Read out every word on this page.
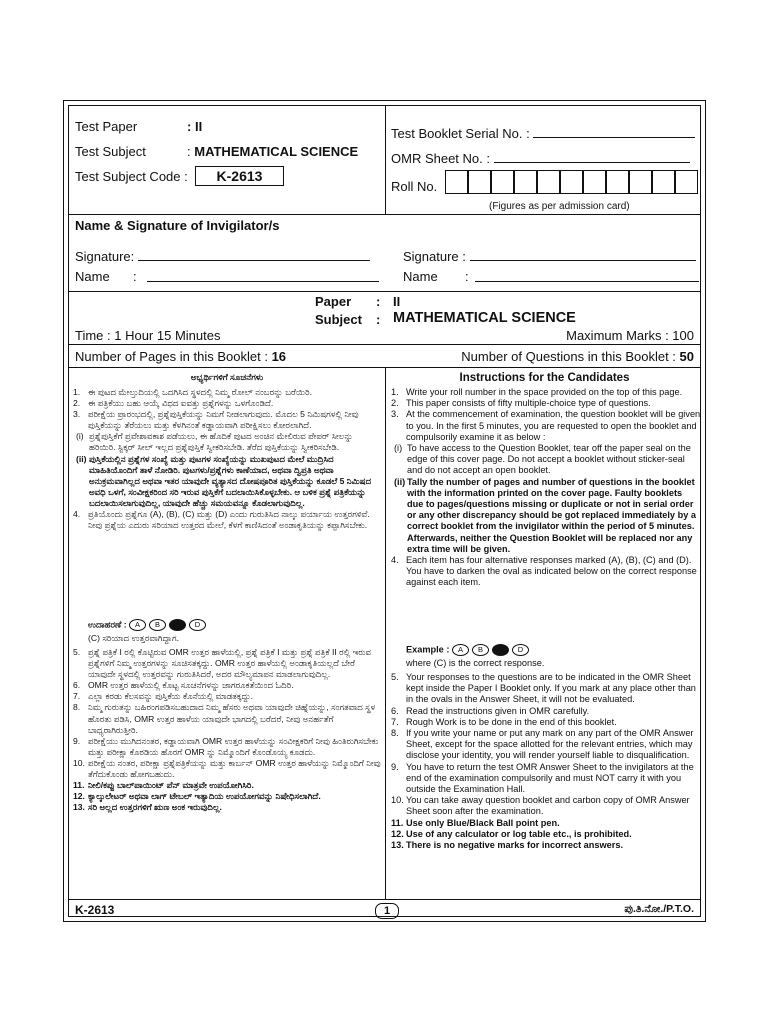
Test Paper	: II
Test Subject	: MATHEMATICAL SCIENCE
Test Subject Code :	K-2613
Test Booklet Serial No. :
OMR Sheet No. :
Roll No.
(Figures as per admission card)
Name & Signature of Invigilator/s
Signature:
Name :
Signature :
Name :
Paper : II
Subject : MATHEMATICAL SCIENCE
Time : 1 Hour 15 Minutes	Maximum Marks : 100
Number of Pages in this Booklet : 16	Number of Questions in this Booklet : 50
ಅಭ್ಯರ್ಥಿಗಳಿಗೆ ಸೂಚನೆಗಳು
1. ಈ ಪುಟದ ಮೇಲ್ತುದಿಯಲ್ಲಿ ಒದಗಿಸಿದ ಸ್ಥಳದಲ್ಲಿ ನಿಮ್ಮ ರೋಲ್ ನಂಬರನ್ನು ಬರೆಯಿರಿ.
2. ಈ ಪತ್ರಿಕೆಯು ಬಹು ಆಯ್ಕೆ ವಿಧದ ಐವತ್ತು ಪ್ರಶ್ನೆಗಳನ್ನು ಒಳಗೊಂಡಿದೆ.
3. ಪರೀಕ್ಷೆಯ ಪ್ರಾರಂಭದಲ್ಲಿ, ಪ್ರಶ್ನೆಪುಸ್ತಿಕೆಯನ್ನು ನಿಮಗೆ ನೀಡಲಾಗುವುದು. ಮೊದಲ 5 ನಿಮಿಷಗಳಲ್ಲಿ ನೀವು ಪುಸ್ತಿಕೆಯನ್ನು ತೆರೆಯಲು ಮತ್ತು ಕೆಳಗಿನಂತೆ ಕಡ್ಡಾಯವಾಗಿ ಪರೀಕ್ಷಿಸಲು ಕೋರಲಾಗಿದೆ.
(i) ಪ್ರಶ್ನೆಪುಸ್ತಿಕೆಗೆ ಪ್ರವೇಶಾವಕಾಶ ಪಡೆಯಲು, ಈ ಹೊದಿಕೆ ಪುಟದ ಅಂಚಿನ ಮೇಲಿರುವ ಪೇಪರ್ ಸೀಲನ್ನು ಹರಿಯಿರಿ. ಸ್ಟಿಕ್ಕರ್ ಸೀಲ್ ಇಲ್ಲದ ಪ್ರಶ್ನೆಪುಸ್ತಿಕೆ ಸ್ವೀಕರಿಸಬೇಡಿ. ತೆರೆದ ಪುಸ್ತಿಕೆಯನ್ನು ಸ್ವೀಕರಿಸಬೇಡಿ.
(ii) ಪುಸ್ತಿಕೆಯಲ್ಲಿನ ಪ್ರಶ್ನೆಗಳ ಸಂಖ್ಯೆ ಮತ್ತು ಪುಟಗಳ ಸಂಖ್ಯೆಯನ್ನು ಮುಖಪುಟದ ಮೇಲೆ ಮುದ್ರಿಸಿದ ಮಾಹಿತಿಯೊಂದಿಗೆ ತಾಳೆ ನೋಡಿರಿ. ಪುಟಗಳು/ಪ್ರಶ್ನೆಗಳು ಕಾಣೆಯಾದ, ಅಥವಾ ದ್ವಿಪ್ರತಿ ಅಥವಾ ಅನುಕ್ರಮವಾಗಿಲ್ಲದ ಅಥವಾ ಇತರ ಯಾವುದೇ ವ್ಯತ್ಯಾಸದ ದೋಷಪೂರಿತ ಪುಸ್ತಿಕೆಯನ್ನು ಕೂಡಲೆ 5 ನಿಮಿಷದ ಅವಧಿ ಒಳಗೆ, ಸಂವೀಕ್ಷಕರಿಂದ ಸರಿ ಇರುವ ಪುಸ್ತಿಕೆಗೆ ಬದಲಾಯಿಸಿಕೊಳ್ಳಬೇಕು. ಆ ಬಳಿಕ ಪ್ರಶ್ನೆ ಪತ್ರಿಕೆಯನ್ನು ಬದಲಾಯಿಸಲಾಗುವುದಿಲ್ಲ, ಯಾವುದೇ ಹೆಚ್ಚು ಸಮಯವನ್ನೂ ಕೊಡಲಾಗುವುದಿಲ್ಲ.
4. ಪ್ರತಿಯೊಂದು ಪ್ರಶ್ನೆಗೂ (A), (B), (C) ಮತ್ತು (D) ಎಂದು ಗುರುತಿಸಿದ ನಾಲ್ಕು ಪರ್ಯಾಯ ಉತ್ತರಗಳಿವೆ. ನೀವು ಪ್ರಶ್ನೆಯ ಎದುರು ಸರಿಯಾದ ಉತ್ತರದ ಮೇಲೆ, ಕೆಳಗೆ ಕಾಣಿಸಿದಂತೆ ಅಂಡಾಕೃತಿಯನ್ನು ಕಪ್ಪಾಗಿಸಬೇಕು.
ಉದಾಹರಣೆ : A B	D
(C) ಸರಿಯಾದ ಉತ್ತರವಾಗಿದ್ದಾಗ.
5. ಪ್ರಶ್ನೆ ಪತ್ರಿಕೆ I ರಲ್ಲಿ ಕೊಟ್ಟಿರುವ OMR ಉತ್ತರ ಹಾಳೆಯಲ್ಲಿ, ಪ್ರಶ್ನೆ ಪತ್ರಿಕೆ I ಮತ್ತು ಪ್ರಶ್ನೆ ಪತ್ರಿಕೆ II ರಲ್ಲಿ ಇರುವ ಪ್ರಶ್ನೆಗಳಿಗೆ ನಿಮ್ಮ ಉತ್ತರಗಳನ್ನು ಸೂಚಿಸತಕ್ಕದ್ದು. OMR ಉತ್ತರ ಹಾಳೆಯಲ್ಲಿ ಅಂಡಾಕೃತಿಯಲ್ಲದೆ ಬೇರೆ ಯಾವುದೇ ಸ್ಥಳದಲ್ಲಿ ಉತ್ತರವನ್ನು ಗುರುತಿಸಿದರೆ, ಅದರ ಮೌಲ್ಯಮಾಪನ ಮಾಡಲಾಗುವುದಿಲ್ಲ.
6. OMR ಉತ್ತರ ಹಾಳೆಯಲ್ಲಿ ಕೊಟ್ಟ ಸೂಚನೆಗಳನ್ನು ಜಾಗರೂಕತೆಯಿಂದ ಓದಿರಿ.
7. ಎಲ್ಲಾ ಕರಡು ಕೆಲಸವನ್ನು ಪುಸ್ತಿಕೆಯ ಕೊನೆಯಲ್ಲಿ ಮಾಡತಕ್ಕದ್ದು.
8. ನಿಮ್ಮ ಗುರುತನ್ನು ಬಹಿರಂಗಪಡಿಸಬಹುದಾದ ನಿಮ್ಮ ಹೆಸರು ಅಥವಾ ಯಾವುದೇ ಚಿಹ್ನೆಯನ್ನು, ಸಂಗತವಾದ ಸ್ಥಳ ಹೊರತು ಪಡಿಸಿ, OMR ಉತ್ತರ ಹಾಳೆಯ ಯಾವುದೇ ಭಾಗದಲ್ಲಿ ಬರೆದರೆ, ನೀವು ಅನರ್ಹತೆಗೆ ಬಾಧ್ಯರಾಗಿರುತ್ತೀರಿ.
9. ಪರೀಕ್ಷೆಯು ಮುಗಿದನಂತರ, ಕಡ್ಡಾಯವಾಗಿ OMR ಉತ್ತರ ಹಾಳೆಯನ್ನು ಸಂವೀಕ್ಷಕರಿಗೆ ನೀವು ಹಿಂತಿರುಗಿಸಬೇಕು ಮತ್ತು ಪರೀಕ್ಷಾ ಕೊಠಡಿಯ ಹೊರಗೆ OMR ನ್ನು ನಿಮ್ಮೊಂದಿಗೆ ಕೊಂಡೊಯ್ಯ ಕೂಡದು.
10. ಪರೀಕ್ಷೆಯ ನಂತರ, ಪರೀಕ್ಷಾ ಪ್ರಶ್ನೆಪತ್ರಿಕೆಯನ್ನು ಮತ್ತು ಕಾರ್ಬನ್ OMR ಉತ್ತರ ಹಾಳೆಯನ್ನು ನಿಮ್ಮೊಂದಿಗೆ ನೀವು ತೆಗೆದುಕೊಂಡು ಹೋಗಬಹುದು.
11. ನೀಲಿ/ಕಪ್ಪು ಬಾಲ್‌ಪಾಯಿಂಟ್ ಪೆನ್ ಮಾತ್ರವೇ ಉಪಯೋಗಿಸಿರಿ.
12. ಕ್ಯಾಲ್ಕುಲೇಟರ್ ಅಥವಾ ಲಾಗ್ ಟೇಬಲ್ ಇತ್ಯಾದಿಯ ಉಪಯೋಗವನ್ನು ನಿಷೇಧಿಸಲಾಗಿದೆ.
13. ಸರಿ ಅಲ್ಲದ ಉತ್ತರಗಳಿಗೆ ಋಣ ಅಂಕ ಇರುವುದಿಲ್ಲ.
Instructions for the Candidates
1. Write your roll number in the space provided on the top of this page.
2. This paper consists of fifty multiple-choice type of questions.
3. At the commencement of examination, the question booklet will be given to you. In the first 5 minutes, you are requested to open the booklet and compulsorily examine it as below :
(i) To have access to the Question Booklet, tear off the paper seal on the edge of this cover page. Do not accept a booklet without sticker-seal and do not accept an open booklet.
(ii) Tally the number of pages and number of questions in the booklet with the information printed on the cover page. Faulty booklets due to pages/questions missing or duplicate or not in serial order or any other discrepancy should be got replaced immediately by a correct booklet from the invigilator within the period of 5 minutes. Afterwards, neither the Question Booklet will be replaced nor any extra time will be given.
4. Each item has four alternative responses marked (A), (B), (C) and (D). You have to darken the oval as indicated below on the correct response against each item.
Example : A B	D
where (C) is the correct response.
5. Your responses to the questions are to be indicated in the OMR Sheet kept inside the Paper I Booklet only. If you mark at any place other than in the ovals in the Answer Sheet, it will not be evaluated.
6. Read the instructions given in OMR carefully.
7. Rough Work is to be done in the end of this booklet.
8. If you write your name or put any mark on any part of the OMR Answer Sheet, except for the space allotted for the relevant entries, which may disclose your identity, you will render yourself liable to disqualification.
9. You have to return the test OMR Answer Sheet to the invigilators at the end of the examination compulsorily and must NOT carry it with you outside the Examination Hall.
10. You can take away question booklet and carbon copy of OMR Answer Sheet soon after the examination.
11. Use only Blue/Black Ball point pen.
12. Use of any calculator or log table etc., is prohibited.
13. There is no negative marks for incorrect answers.
K-2613	1	ಪು.ತಿ.ನೋ./P.T.O.
